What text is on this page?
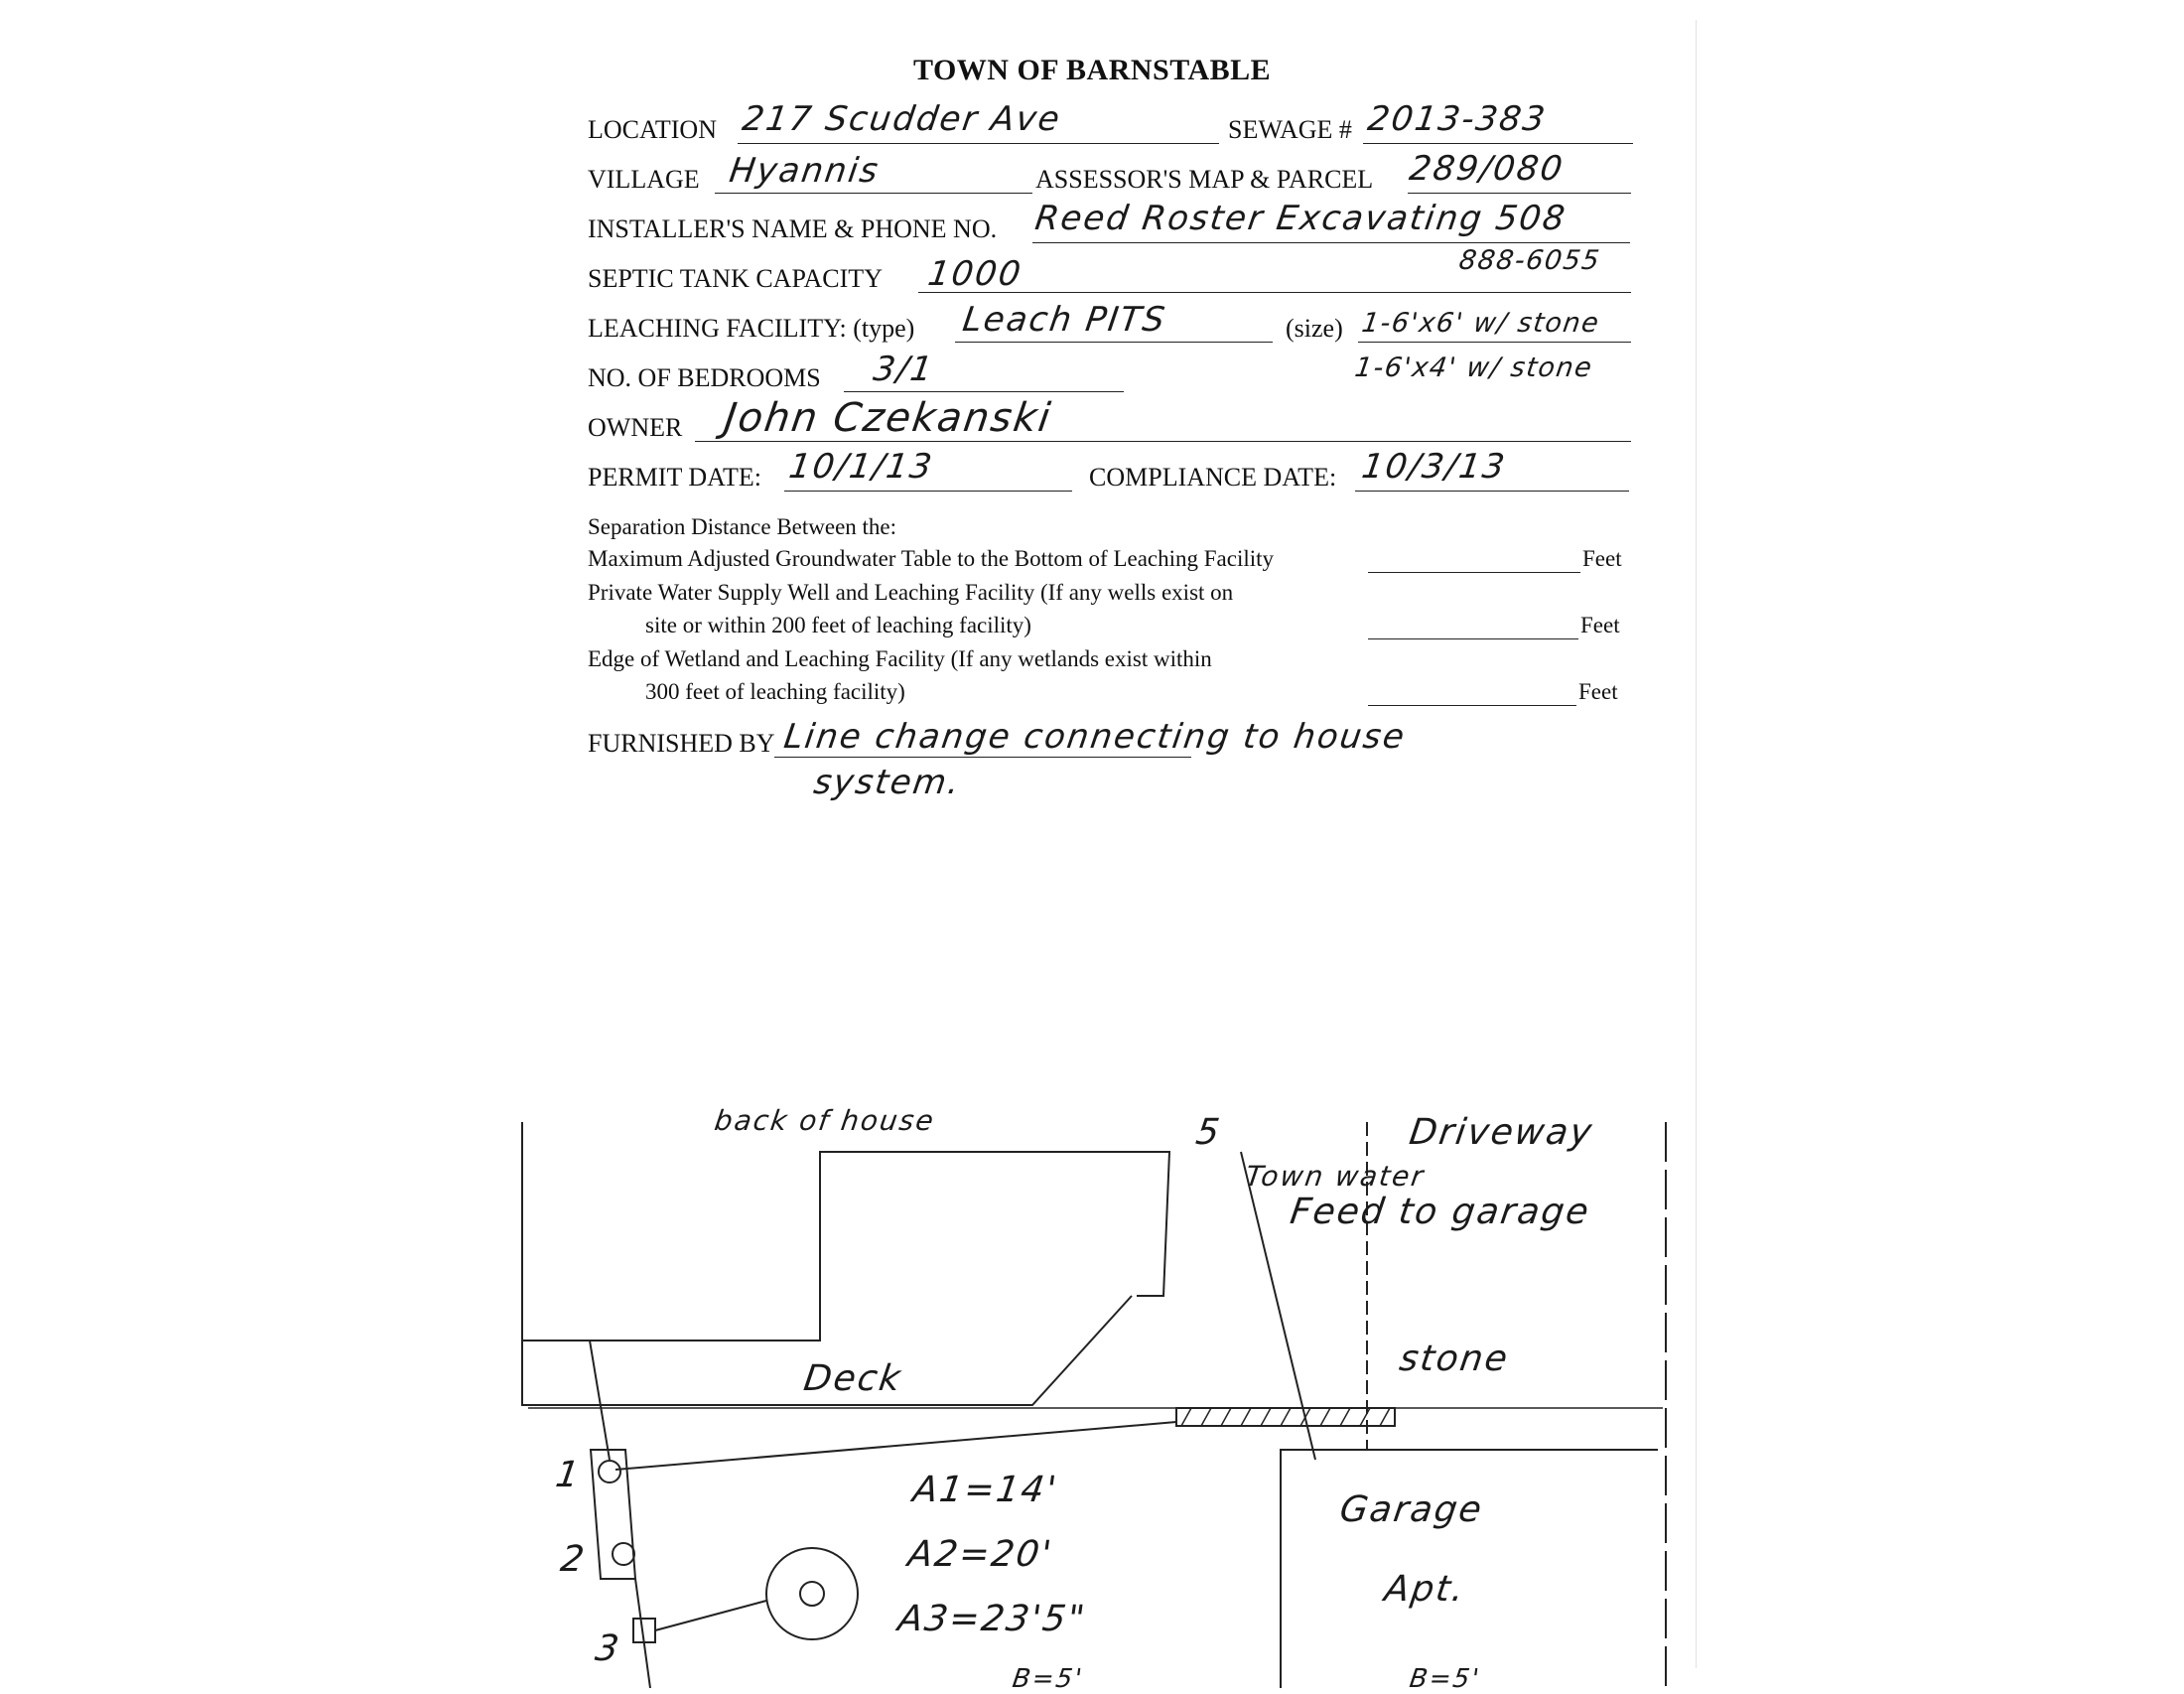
TOWN OF BARNSTABLE
LOCATION 217 Scudder Ave	SEWAGE # 2013-383
VILLAGE Hyannis	ASSESSOR'S MAP & PARCEL 289/080
INSTALLER'S NAME & PHONE NO. Reed Roster Excavating 508
888-6055
SEPTIC TANK CAPACITY 1000
LEACHING FACILITY: (type) Leach PITS	(size) 1-6'x6' w/ stone
1-6'x4' w/ stone
NO. OF BEDROOMS 3/1
OWNER John Czekanski
PERMIT DATE: 10/1/13	COMPLIANCE DATE: 10/3/13
Separation Distance Between the:
Maximum Adjusted Groundwater Table to the Bottom of Leaching Facility	Feet
Private Water Supply Well and Leaching Facility (If any wells exist on
site or within 200 feet of leaching facility)	Feet
Edge of Wetland and Leaching Facility (If any wetlands exist within
300 feet of leaching facility)	Feet
FURNISHED BY Line change connecting to house
system.
back of house	Driveway
Town water
Feed to garage
Deck	stone
Garage
Apt.
A1=14'
A2=20'
A3=23'5"
1
2
3
5
B=5'	B=5'
